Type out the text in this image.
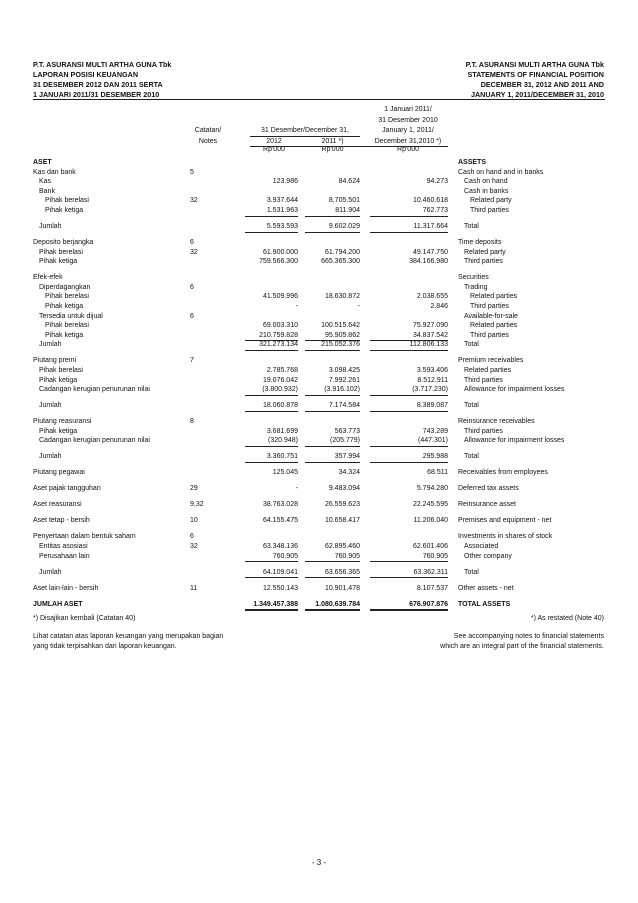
P.T. ASURANSI MULTI ARTHA GUNA Tbk
LAPORAN POSISI KEUANGAN
31 DESEMBER 2012 DAN 2011 SERTA
1 JANUARI 2011/31 DESEMBER 2010
P.T. ASURANSI MULTI ARTHA GUNA Tbk
STATEMENTS OF FINANCIAL POSITION
DECEMBER 31, 2012 AND 2011 AND
JANUARY 1, 2011/DECEMBER 31, 2010
Catatan/
Notes
31 Desember/December 31,
2012	2011 *)
1 Januari 2011/
31 Desember 2010
January 1, 2011/
December 31,2010 *)
Rp'000	Rp'000	Rp'000
ASET	ASSETS
Kas dan bank	5	Cash on hand and in banks
Kas	123.986	84.624	94.273 Cash on hand
Bank	Cash in banks
Pihak berelasi	32	3.937.644	8.705.501	10.460.618	Related party
Pihak ketiga	1.531.963	811.904	762.773	Third parties
Jumlah	5.593.593	9.602.029	11.317.664 Total
Deposito berjangka	6	Time deposits
Pihak berelasi	32	61.900.000	61.794.200	49.147.750 Related party
Pihak ketiga	759.566.300	665.365.300	384.166.980 Third parties
Efek-efek	Securities
Diperdagangkan	6	Trading
Pihak berelasi	41.509.996	18.630.872	2.038.655	Related parties
Pihak ketiga	-	-	2.846	Third parties
Tersedia untuk dijual	6	Available-for-sale
Pihak berelasi	69.003.310	100.515.642	75.927.090	Related parties
Pihak ketiga	210.759.828	95.905.862	34.837.542	Third parties
Jumlah	321.273.134	215.052.376	112.806.133 Total
Piutang premi	7	Premium receivables
Pihak berelasi	2.785.768	3.098.425	3.593.406 Related parties
Pihak ketiga	19.076.042	7.992.261	8.512.911 Third parties
Cadangan kerugian penurunan nilai	(3.800.932)	(3.916.102)	(3.717.230) Allowance for impairment losses
Jumlah	18.060.878	7.174.584	8.389.087 Total
Piutang reasuransi	8	Reinsurance receivables
Pihak ketiga	3.681.699	563.773	743.289 Third parties
Cadangan kerugian penurunan nilai	(320.948)	(205.779)	(447.301) Allowance for impairment losses
Jumlah	3.360.751	357.994	295.988 Total
Piutang pegawai	125.045	34.324	68.511 Receivables from employees
Aset pajak tangguhan	29	-	9.483.094	5.794.280 Deferred tax assets
Aset reasuransi	9,32	38.763.028	26.559.623	22.245.595 Reinsurance asset
Aset tetap - bersih	10	64.155.475	10.658.417	11.206.040 Premises and equipment - net
Penyertaan dalam bentuk saham	6	Investments in shares of stock
Entitas asosiasi	32	63.348.136	62.895.460	62.601.406 Associated
Perusahaan lain	760.905	760.905	760.905 Other company
Jumlah	64.109.041	63.656.365	63.362.311 Total
Aset lain-lain - bersih	11	12.550.143	10.901.478	8.107.537 Other assets - net
JUMLAH ASET	1.349.457.388	1.080.639.784	676.907.876 TOTAL ASSETS
*) Disajikan kembali (Catatan 40)	*) As restated (Note 40)
Lihat catatan atas laporan keuangan yang merupakan bagian
yang tidak terpisahkan dari laporan keuangan.
See accompanying notes to financial statements
which are an integral part of the financial statements.
- 3 -
